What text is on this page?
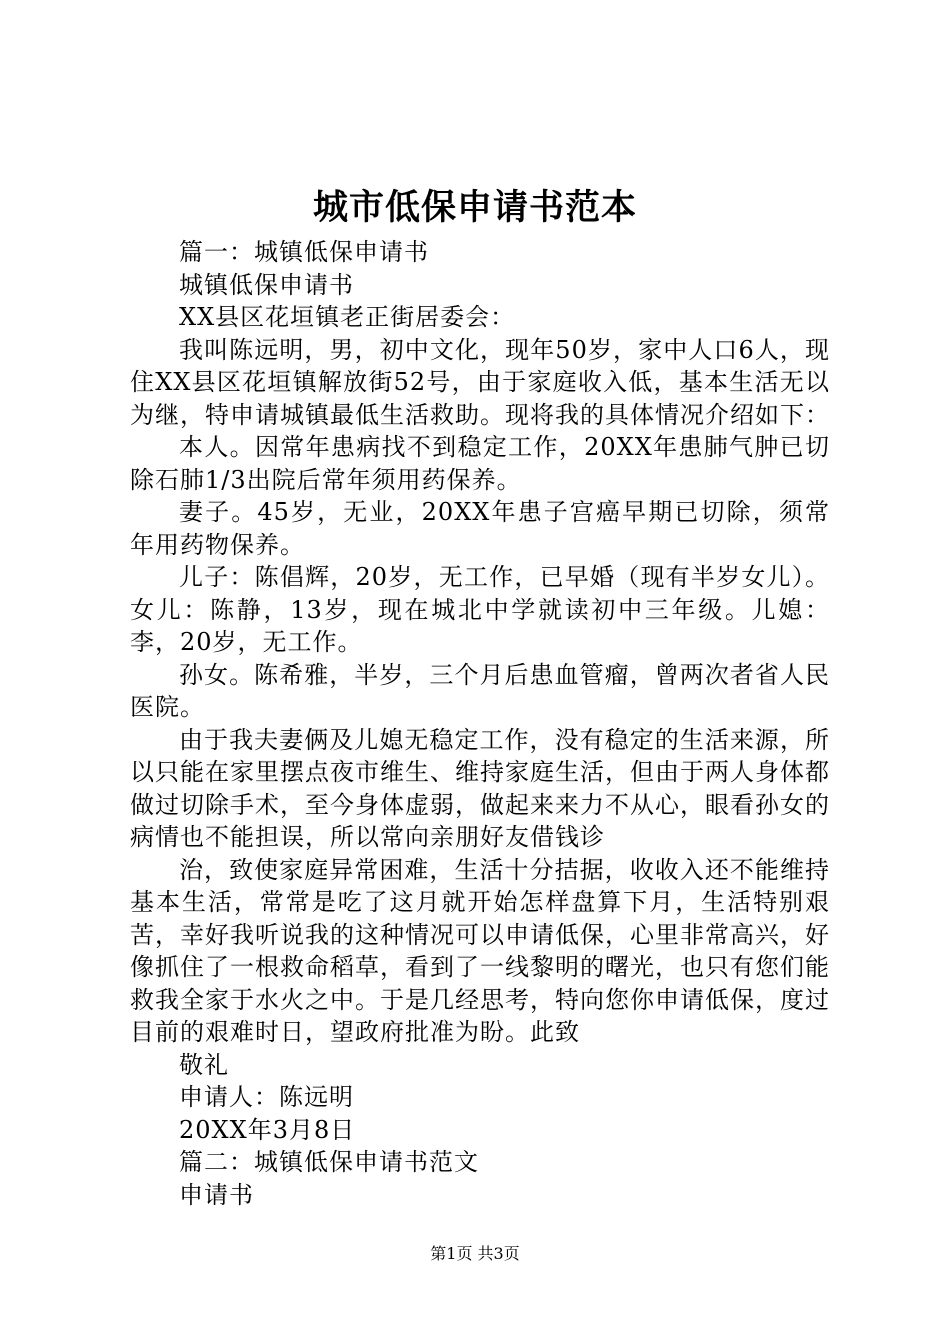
城市低保申请书范本

篇一：城镇低保申请书

城镇低保申请书

XX县区花垣镇老正街居委会：

我叫陈远明，男，初中文化，现年50岁，家中人口6人，现住XX县区花垣镇解放街52号，由于家庭收入低，基本生活无以为继，特申请城镇最低生活救助。现将我的具体情况介绍如下：

本人。因常年患病找不到稳定工作，20XX年患肺气肿已切除石肺1/3出院后常年须用药保养。

妻子。45岁，无业，20XX年患子宫癌早期已切除，须常年用药物保养。

儿子：陈倡辉，20岁，无工作，已早婚（现有半岁女儿）。女儿：陈静，13岁，现在城北中学就读初中三年级。儿媳：李，20岁，无工作。

孙女。陈希雅，半岁，三个月后患血管瘤，曾两次者省人民医院。

由于我夫妻俩及儿媳无稳定工作，没有稳定的生活来源，所以只能在家里摆点夜市维生、维持家庭生活，但由于两人身体都做过切除手术，至今身体虚弱，做起来来力不从心，眼看孙女的病情也不能担误，所以常向亲朋好友借钱诊

治，致使家庭异常困难，生活十分拮据，收收入还不能维持基本生活，常常是吃了这月就开始怎样盘算下月，生活特别艰苦，幸好我听说我的这种情况可以申请低保，心里非常高兴，好像抓住了一根救命稻草，看到了一线黎明的曙光，也只有您们能救我全家于水火之中。于是几经思考，特向您你申请低保，度过目前的艰难时日，望政府批准为盼。此致

敬礼

申请人：陈远明

20XX年3月8日

篇二：城镇低保申请书范文

申请书

第1页 共3页
